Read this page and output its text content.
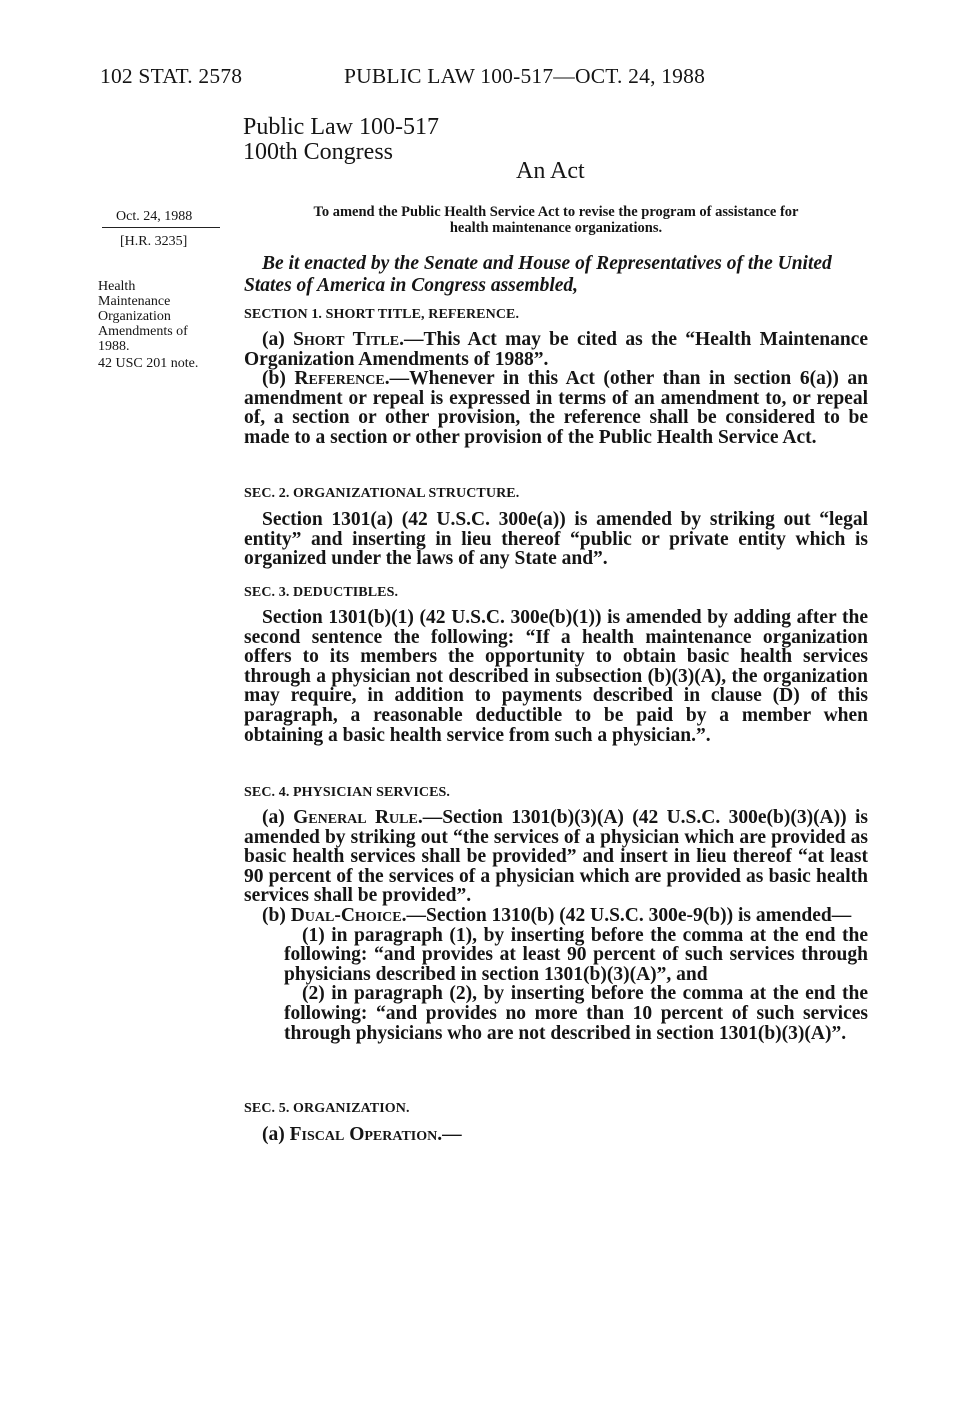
102 STAT. 2578	PUBLIC LAW 100-517—OCT. 24, 1988
Public Law 100-517
100th Congress
An Act
Oct. 24, 1988
[H.R. 3235]
Health
Maintenance
Organization
Amendments of
1988.
42 USC 201 note.
To amend the Public Health Service Act to revise the program of assistance for
health maintenance organizations.

Be it enacted by the Senate and House of Representatives of the United States of America in Congress assembled,

SECTION 1. SHORT TITLE, REFERENCE.

(a) Short Title.—This Act may be cited as the “Health Maintenance Organization Amendments of 1988”.

(b) Reference.—Whenever in this Act (other than in section 6(a)) an amendment or repeal is expressed in terms of an amendment to, or repeal of, a section or other provision, the reference shall be considered to be made to a section or other provision of the Public Health Service Act.

SEC. 2. ORGANIZATIONAL STRUCTURE.

Section 1301(a) (42 U.S.C. 300e(a)) is amended by striking out “legal entity” and inserting in lieu thereof “public or private entity which is organized under the laws of any State and”.

SEC. 3. DEDUCTIBLES.

Section 1301(b)(1) (42 U.S.C. 300e(b)(1)) is amended by adding after the second sentence the following: “If a health maintenance organization offers to its members the opportunity to obtain basic health services through a physician not described in subsection (b)(3)(A), the organization may require, in addition to payments described in clause (D) of this paragraph, a reasonable deductible to be paid by a member when obtaining a basic health service from such a physician.”.

SEC. 4. PHYSICIAN SERVICES.

(a) General Rule.—Section 1301(b)(3)(A) (42 U.S.C. 300e(b)(3)(A)) is amended by striking out “the services of a physician which are provided as basic health services shall be provided” and insert in lieu thereof “at least 90 percent of the services of a physician which are provided as basic health services shall be provided”.

(b) Dual-Choice.—Section 1310(b) (42 U.S.C. 300e-9(b)) is amended—

(1) in paragraph (1), by inserting before the comma at the end the following: “and provides at least 90 percent of such services through physicians described in section 1301(b)(3)(A)”, and

(2) in paragraph (2), by inserting before the comma at the end the following: “and provides no more than 10 percent of such services through physicians who are not described in section 1301(b)(3)(A)”.

SEC. 5. ORGANIZATION.

(a) Fiscal Operation.—
